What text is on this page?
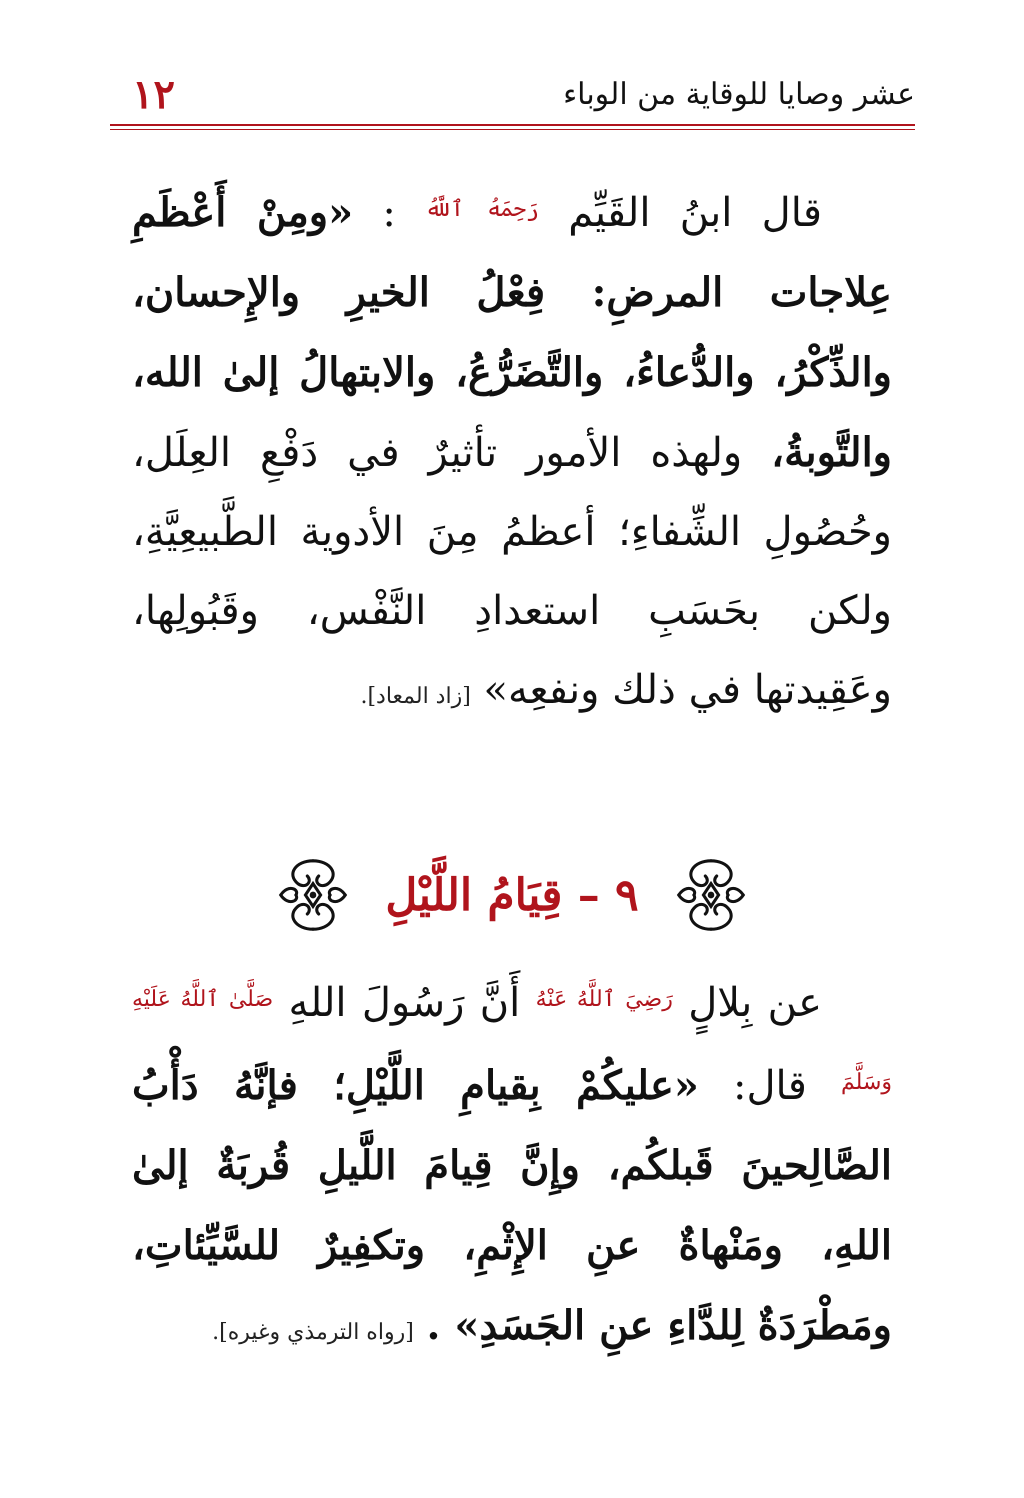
١٢	عشر وصايا للوقاية من الوباء
قال ابنُ القَيِّم $^{رَحِمَهُ ٱللَّهُ}$ : «ومِنْ أَعْظَمِ عِلاجات المرضِ: فِعْلُ الخيرِ والإِحسان، والذِّكْرُ، والدُّعاءُ، والتَّضَرُّعُ، والابتهالُ إلىٰ الله، والتَّوبةُ، ولهذه الأمور تأثيرٌ في دَفْعِ العِلَل، وحُصُولِ الشِّفاءِ؛ أعظمُ مِنَ الأدوية الطَّبيعِيَّةِ، ولكن بحَسَبِ استعدادِ النَّفْس، وقَبُولِها، وعَقِيدتها في ذلك ونفعِه» [زاد المعاد].
٩ – قِيَامُ اللَّيْلِ
عن بِلالٍ $^{رَضِيَ ٱللَّهُ عَنْهُ}$ أَنَّ رَسُولَ اللهِ $^{صَلَّىٰ ٱللَّهُ عَلَيْهِ وَسَلَّمَ}$ قال: «عليكُمْ بِقيامِ اللَّيْلِ؛ فإنَّهُ دَأْبُ الصَّالِحينَ قَبلكُم، وإِنَّ قِيامَ اللَّيلِ قُربَةٌ إلىٰ اللهِ، ومَنْهاةٌ عنِ الإِثْمِ، وتكفِيرٌ للسَّيِّئاتِ، ومَطْرَدَةٌ لِلدَّاءِ عنِ الجَسَدِ» . [رواه الترمذي وغيره].
